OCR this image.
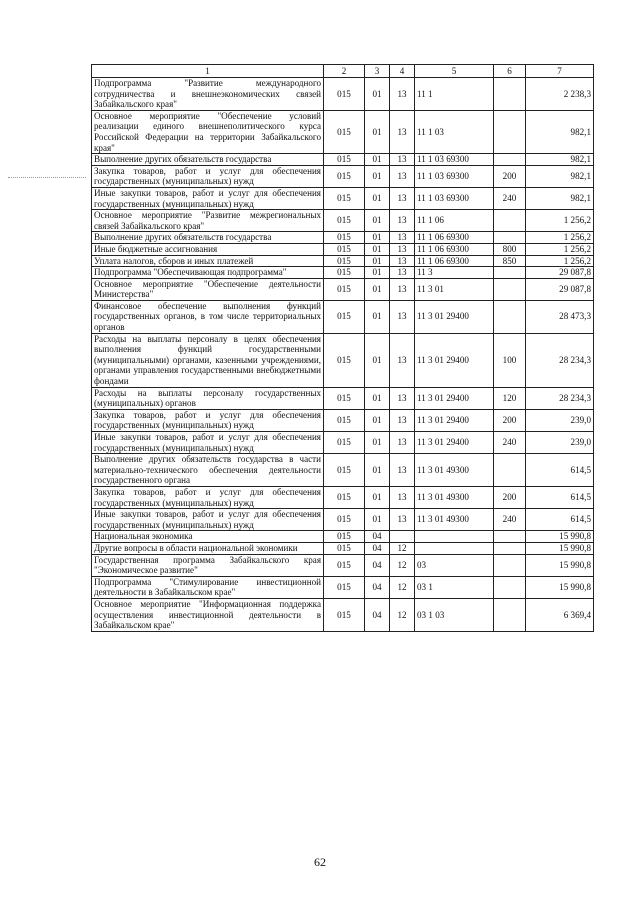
1	2	3	4	5	6	7
Подпрограмма "Развитие международного сотрудничества и внешнеэкономических связей Забайкальского края"	015	01	13	11 1		2 238,3
Основное мероприятие "Обеспечение условий реализации единого внешнеполитического курса Российской Федерации на территории Забайкальского края"	015	01	13	11 1 03		982,1
Выполнение других обязательств государства	015	01	13	11 1 03 69300		982,1
Закупка товаров, работ и услуг для обеспечения государственных (муниципальных) нужд	015	01	13	11 1 03 69300	200	982,1
Иные закупки товаров, работ и услуг для обеспечения государственных (муниципальных) нужд	015	01	13	11 1 03 69300	240	982,1
Основное мероприятие "Развитие межрегиональных связей Забайкальского края"	015	01	13	11 1 06		1 256,2
Выполнение других обязательств государства	015	01	13	11 1 06 69300		1 256,2
Иные бюджетные ассигнования	015	01	13	11 1 06 69300	800	1 256,2
Уплата налогов, сборов и иных платежей	015	01	13	11 1 06 69300	850	1 256,2
Подпрограмма "Обеспечивающая подпрограмма"	015	01	13	11 3		29 087,8
Основное мероприятие "Обеспечение деятельности Министерства"	015	01	13	11 3 01		29 087,8
Финансовое обеспечение выполнения функций государственных органов, в том числе территориальных органов	015	01	13	11 3 01 29400		28 473,3
Расходы на выплаты персоналу в целях обеспечения выполнения функций государственными (муниципальными) органами, казенными учреждениями, органами управления государственными внебюджетными фондами	015	01	13	11 3 01 29400	100	28 234,3
Расходы на выплаты персоналу государственных (муниципальных) органов	015	01	13	11 3 01 29400	120	28 234,3
Закупка товаров, работ и услуг для обеспечения государственных (муниципальных) нужд	015	01	13	11 3 01 29400	200	239,0
Иные закупки товаров, работ и услуг для обеспечения государственных (муниципальных) нужд	015	01	13	11 3 01 29400	240	239,0
Выполнение других обязательств государства в части материально-технического обеспечения деятельности государственного органа	015	01	13	11 3 01 49300		614,5
Закупка товаров, работ и услуг для обеспечения государственных (муниципальных) нужд	015	01	13	11 3 01 49300	200	614,5
Иные закупки товаров, работ и услуг для обеспечения государственных (муниципальных) нужд	015	01	13	11 3 01 49300	240	614,5
Национальная экономика	015	04				15 990,8
Другие вопросы в области национальной экономики	015	04	12			15 990,8
Государственная программа Забайкальского края "Экономическое развитие"	015	04	12	03		15 990,8
Подпрограмма "Стимулирование инвестиционной деятельности в Забайкальском крае"	015	04	12	03 1		15 990,8
Основное мероприятие "Информационная поддержка осуществления инвестиционной деятельности в Забайкальском крае"	015	04	12	03 1 03		6 369,4
62
